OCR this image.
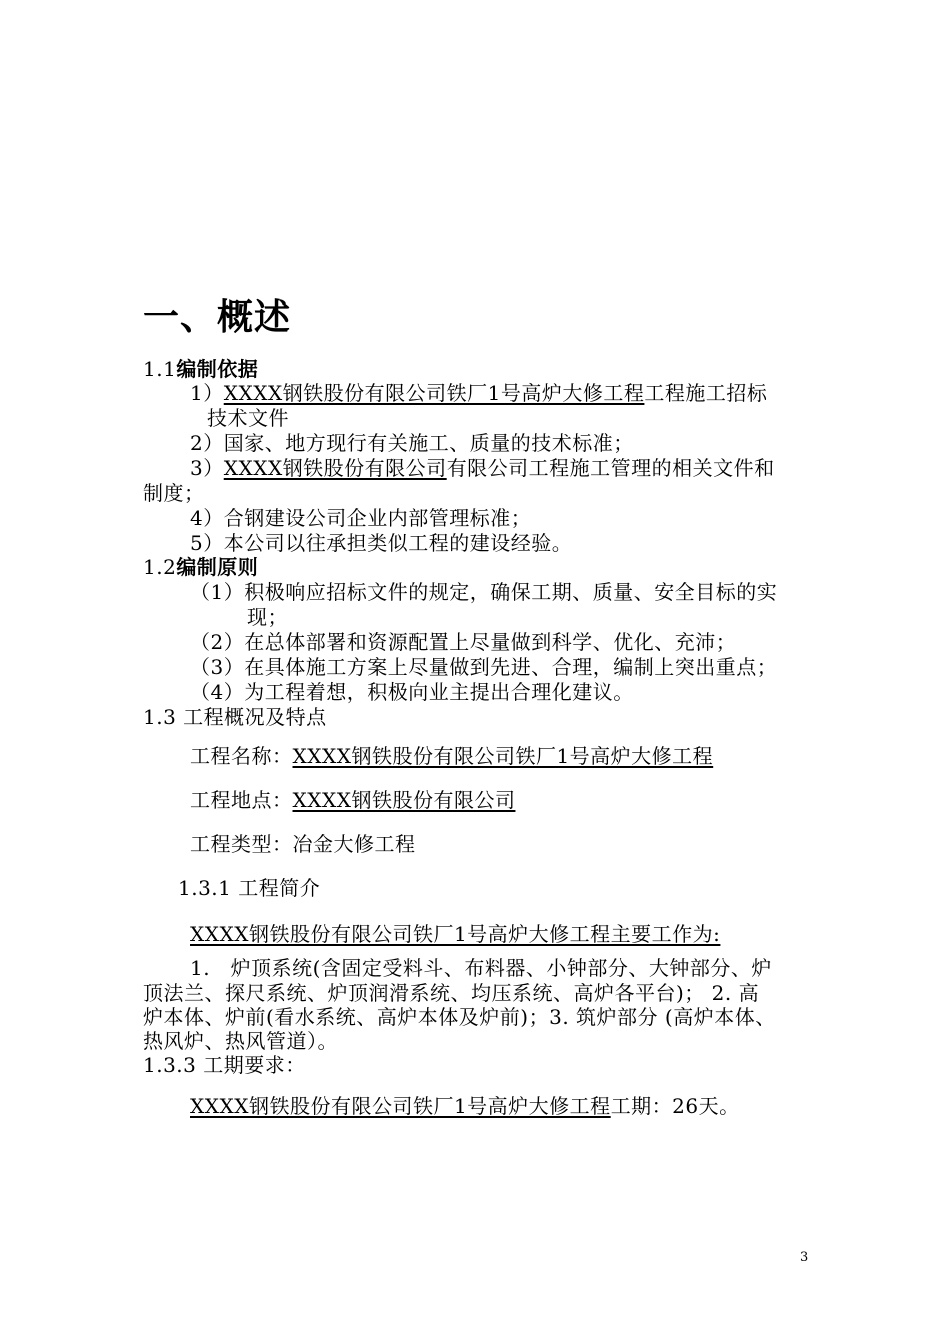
一、概述
1.1编制依据
1）XXXX钢铁股份有限公司铁厂1号高炉大修工程工程施工招标
技术文件
2）国家、地方现行有关施工、质量的技术标准；
3）XXXX钢铁股份有限公司有限公司工程施工管理的相关文件和
制度；
4）合钢建设公司企业内部管理标准；
5）本公司以往承担类似工程的建设经验。
1.2编制原则
（1）积极响应招标文件的规定，确保工期、质量、安全目标的实
现；
（2）在总体部署和资源配置上尽量做到科学、优化、充沛；
（3）在具体施工方案上尽量做到先进、合理，编制上突出重点；
（4）为工程着想，积极向业主提出合理化建议。
1.3 工程概况及特点
工程名称：XXXX钢铁股份有限公司铁厂1号高炉大修工程
工程地点：XXXX钢铁股份有限公司
工程类型：冶金大修工程
1.3.1 工程简介
XXXX钢铁股份有限公司铁厂1号高炉大修工程主要工作为:
1.　炉顶系统(含固定受料斗、布料器、小钟部分、大钟部分、炉
顶法兰、探尺系统、炉顶润滑系统、均压系统、高炉各平台)； 2. 高
炉本体、炉前(看水系统、高炉本体及炉前)；3. 筑炉部分 (高炉本体、
热风炉、热风管道）。
1.3.3 工期要求：
XXXX钢铁股份有限公司铁厂1号高炉大修工程工期：26天。
3
